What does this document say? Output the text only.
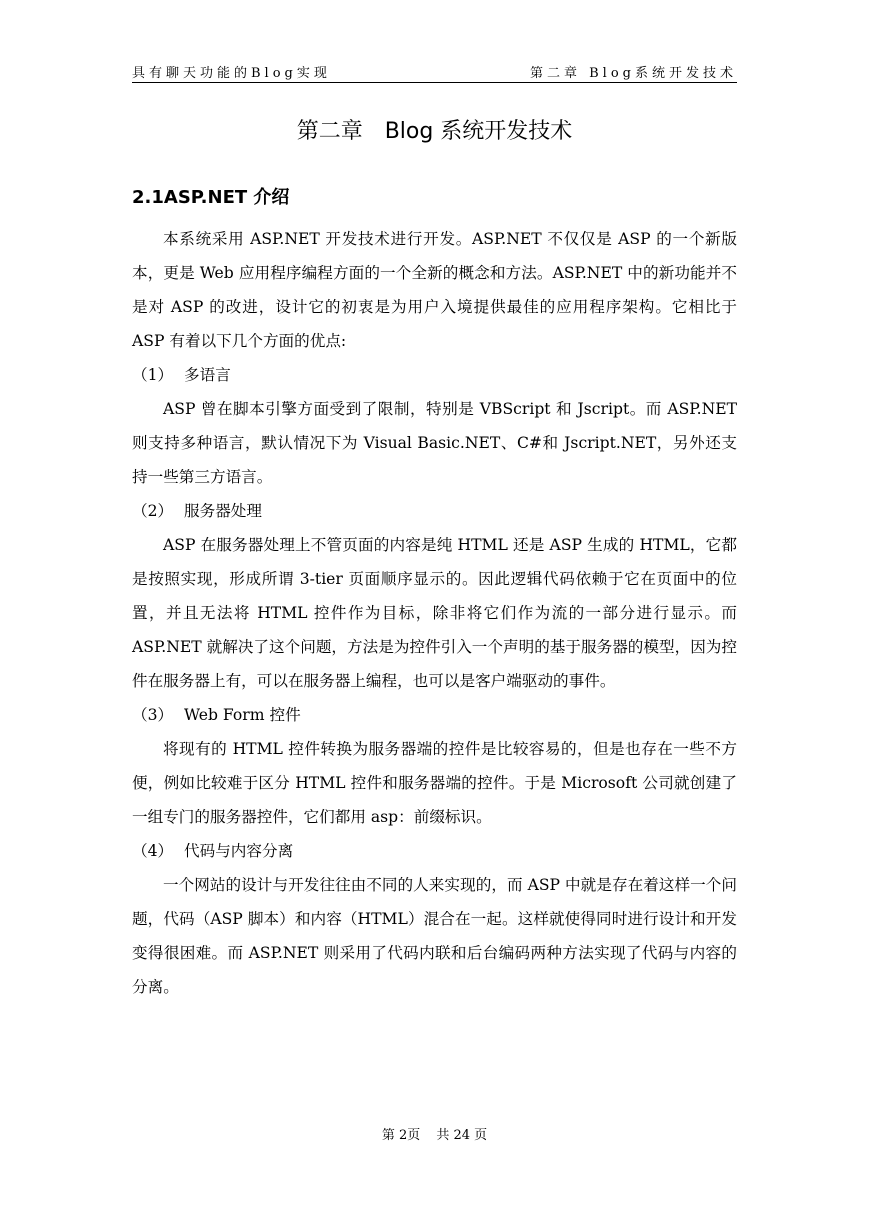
具有聊天功能的Blog实现	第二章 Blog系统开发技术
第二章　Blog 系统开发技术
2.1ASP.NET 介绍

本系统采用 ASP.NET 开发技术进行开发。ASP.NET 不仅仅是 ASP 的一个新版本，更是 Web 应用程序编程方面的一个全新的概念和方法。ASP.NET 中的新功能并不是对 ASP 的改进，设计它的初衷是为用户入境提供最佳的应用程序架构。它相比于 ASP 有着以下几个方面的优点:

（1） 多语言

ASP 曾在脚本引擎方面受到了限制，特别是 VBScript 和 Jscript。而 ASP.NET 则支持多种语言，默认情况下为 Visual Basic.NET、C#和 Jscript.NET，另外还支持一些第三方语言。

（2） 服务器处理

ASP 在服务器处理上不管页面的内容是纯 HTML 还是 ASP 生成的 HTML，它都是按照实现，形成所谓 3-tier 页面顺序显示的。因此逻辑代码依赖于它在页面中的位置，并且无法将 HTML 控件作为目标，除非将它们作为流的一部分进行显示。而 ASP.NET 就解决了这个问题，方法是为控件引入一个声明的基于服务器的模型，因为控件在服务器上有，可以在服务器上编程，也可以是客户端驱动的事件。

（3） Web Form 控件

将现有的 HTML 控件转换为服务器端的控件是比较容易的，但是也存在一些不方便，例如比较难于区分 HTML 控件和服务器端的控件。于是 Microsoft 公司就创建了一组专门的服务器控件，它们都用 asp：前缀标识。

（4） 代码与内容分离

一个网站的设计与开发往往由不同的人来实现的，而 ASP 中就是存在着这样一个问题，代码（ASP 脚本）和内容（HTML）混合在一起。这样就使得同时进行设计和开发变得很困难。而 ASP.NET 则采用了代码内联和后台编码两种方法实现了代码与内容的分离。

第 2页 共 24 页
